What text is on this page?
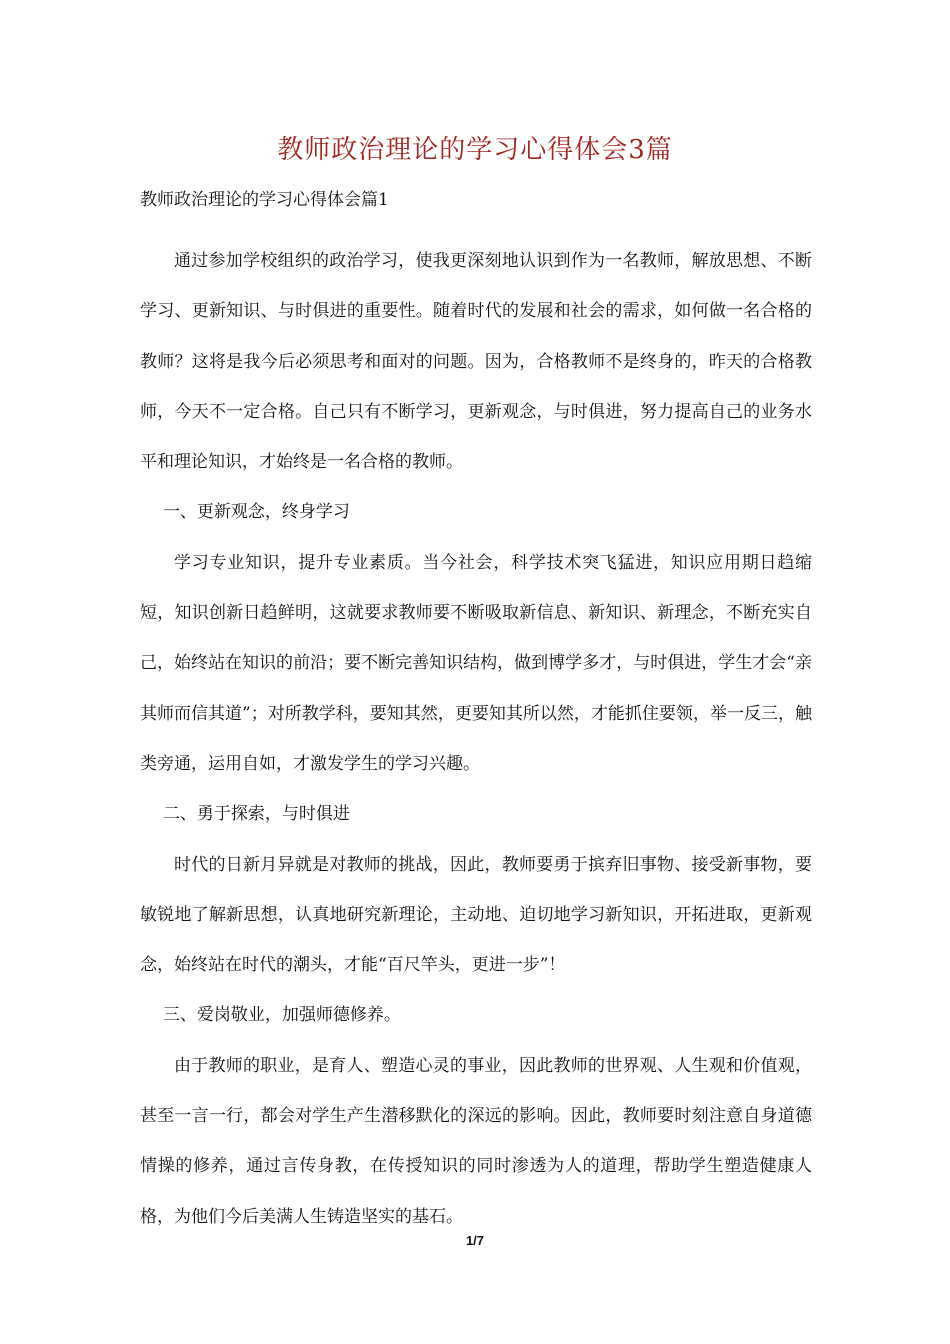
教师政治理论的学习心得体会3篇
教师政治理论的学习心得体会篇1

通过参加学校组织的政治学习，使我更深刻地认识到作为一名教师，解放思想、不断学习、更新知识、与时俱进的重要性。随着时代的发展和社会的需求，如何做一名合格的教师？这将是我今后必须思考和面对的问题。因为，合格教师不是终身的，昨天的合格教师，今天不一定合格。自己只有不断学习，更新观念，与时俱进，努力提高自己的业务水平和理论知识，才始终是一名合格的教师。

一、更新观念，终身学习

学习专业知识，提升专业素质。当今社会，科学技术突飞猛进，知识应用期日趋缩短，知识创新日趋鲜明，这就要求教师要不断吸取新信息、新知识、新理念，不断充实自己，始终站在知识的前沿；要不断完善知识结构，做到博学多才，与时俱进，学生才会“亲其师而信其道”；对所教学科，要知其然，更要知其所以然，才能抓住要领，举一反三，触类旁通，运用自如，才激发学生的学习兴趣。

二、勇于探索，与时俱进

时代的日新月异就是对教师的挑战，因此，教师要勇于摈弃旧事物、接受新事物，要敏锐地了解新思想，认真地研究新理论，主动地、迫切地学习新知识，开拓进取，更新观念，始终站在时代的潮头，才能“百尺竿头，更进一步”！

三、爱岗敬业，加强师德修养。

由于教师的职业，是育人、塑造心灵的事业，因此教师的世界观、人生观和价值观，甚至一言一行，都会对学生产生潜移默化的深远的影响。因此，教师要时刻注意自身道德情操的修养，通过言传身教，在传授知识的同时渗透为人的道理，帮助学生塑造健康人格，为他们今后美满人生铸造坚实的基石。

1/7
